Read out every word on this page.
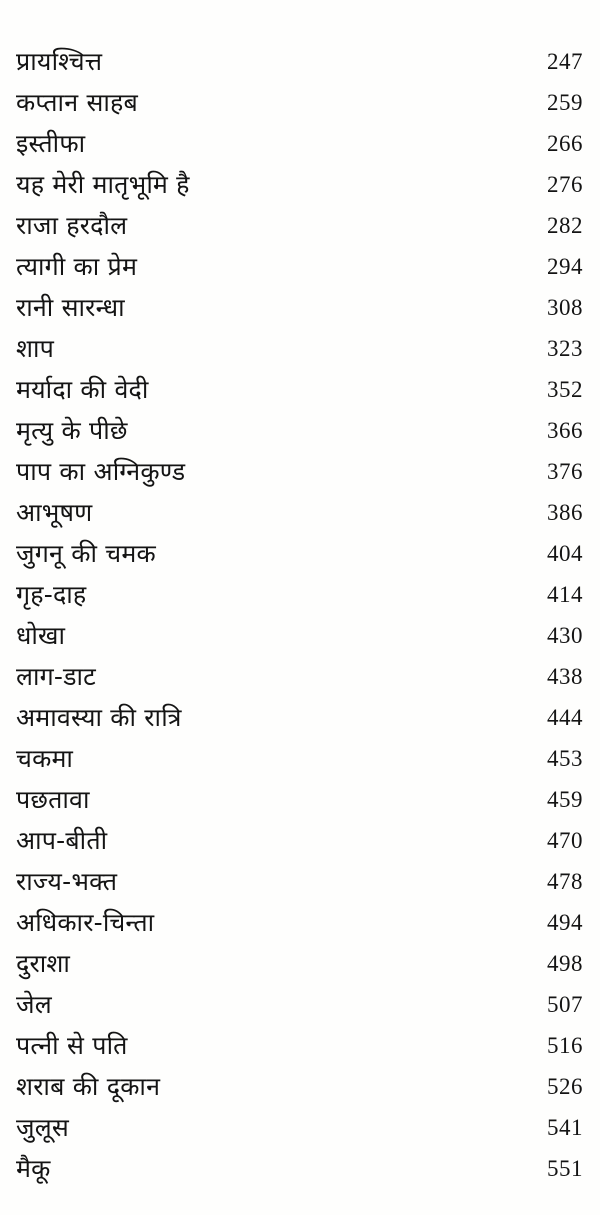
प्रायश्चित्त	247
कप्तान साहब	259
इस्तीफा	266
यह मेरी मातृभूमि है	276
राजा हरदौल	282
त्यागी का प्रेम	294
रानी सारन्धा	308
शाप	323
मर्यादा की वेदी	352
मृत्यु के पीछे	366
पाप का अग्निकुण्ड	376
आभूषण	386
जुगनू की चमक	404
गृह-दाह	414
धोखा	430
लाग-डाट	438
अमावस्या की रात्रि	444
चकमा	453
पछतावा	459
आप-बीती	470
राज्य-भक्त	478
अधिकार-चिन्ता	494
दुराशा	498
जेल	507
पत्नी से पति	516
शराब की दूकान	526
जुलूस	541
मैकू	551
